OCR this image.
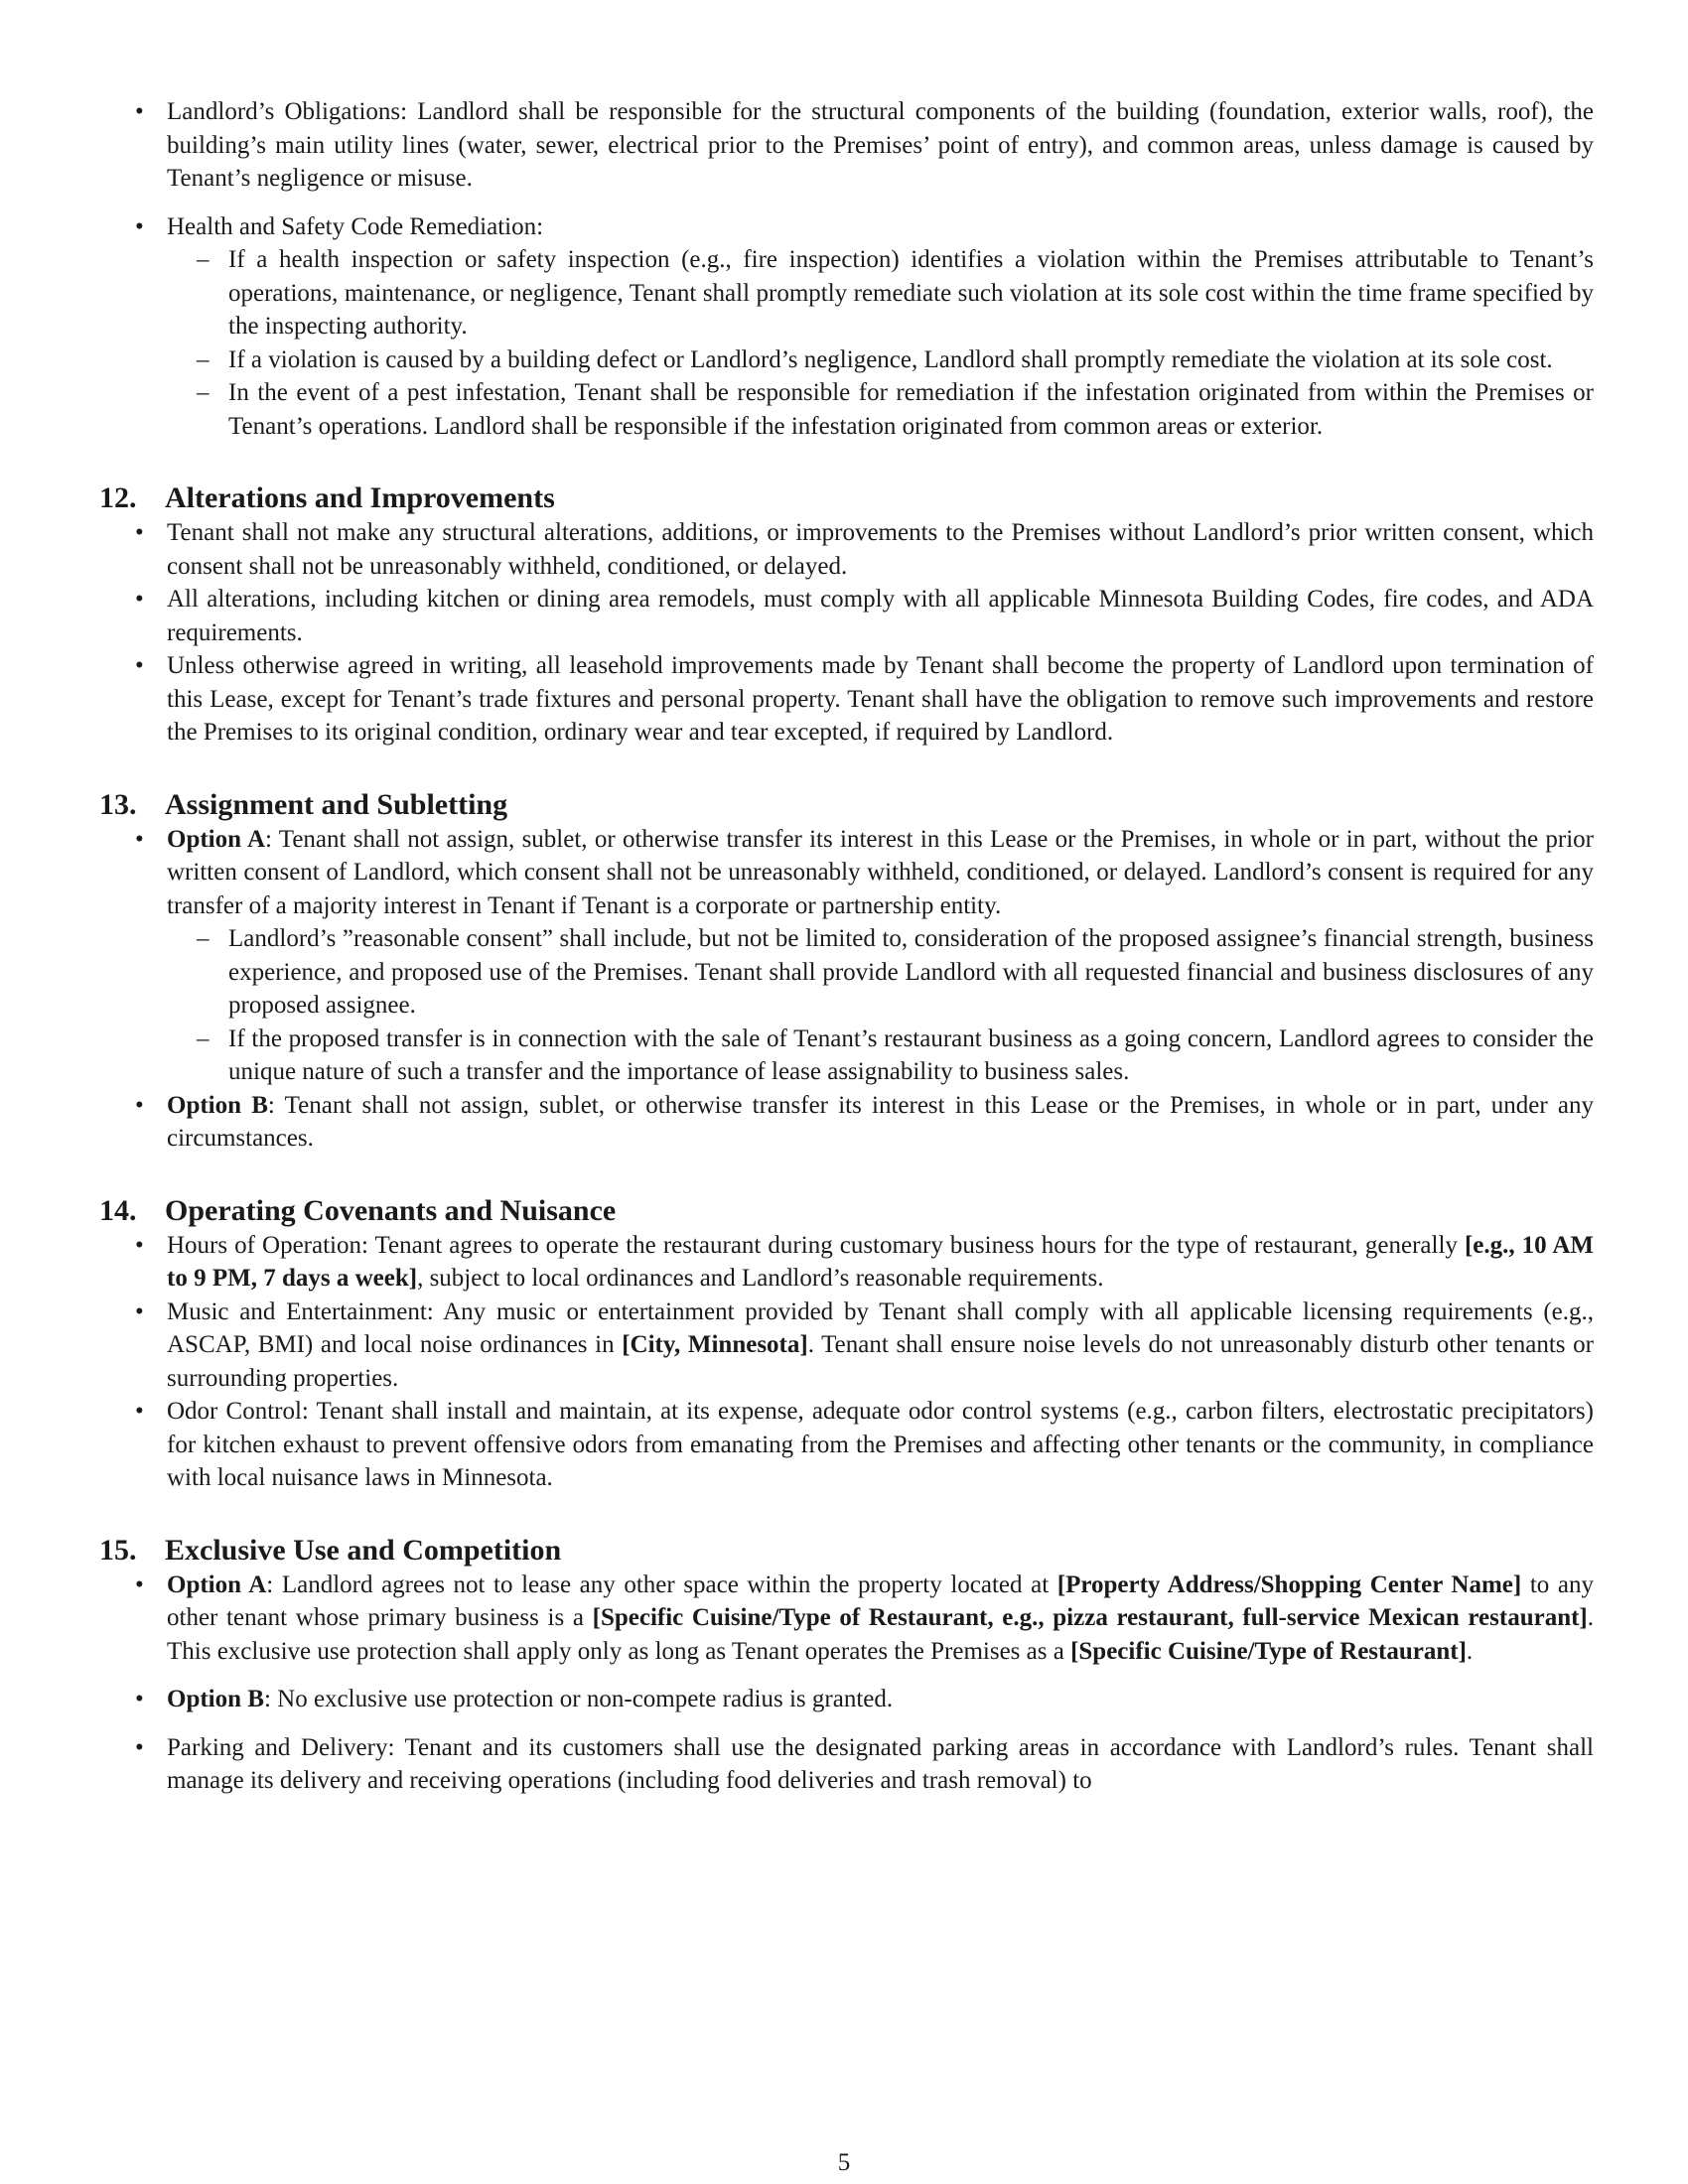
• Landlord’s Obligations: Landlord shall be responsible for the structural components of the building (foundation, exterior walls, roof), the building’s main utility lines (water, sewer, electrical prior to the Premises’ point of entry), and common areas, unless damage is caused by Tenant’s negligence or misuse.
• Health and Safety Code Remediation:
– If a health inspection or safety inspection (e.g., fire inspection) identifies a violation within the Premises attributable to Tenant’s operations, maintenance, or negligence, Tenant shall promptly remediate such violation at its sole cost within the time frame specified by the inspecting authority.
– If a violation is caused by a building defect or Landlord’s negligence, Landlord shall promptly remediate the violation at its sole cost.
– In the event of a pest infestation, Tenant shall be responsible for remediation if the infestation originated from within the Premises or Tenant’s operations. Landlord shall be responsible if the infestation originated from common areas or exterior.
12. Alterations and Improvements
• Tenant shall not make any structural alterations, additions, or improvements to the Premises without Landlord’s prior written consent, which consent shall not be unreasonably withheld, conditioned, or delayed.
• All alterations, including kitchen or dining area remodels, must comply with all applicable Minnesota Building Codes, fire codes, and ADA requirements.
• Unless otherwise agreed in writing, all leasehold improvements made by Tenant shall become the property of Landlord upon termination of this Lease, except for Tenant’s trade fixtures and personal property. Tenant shall have the obligation to remove such improvements and restore the Premises to its original condition, ordinary wear and tear excepted, if required by Landlord.
13. Assignment and Subletting
• Option A: Tenant shall not assign, sublet, or otherwise transfer its interest in this Lease or the Premises, in whole or in part, without the prior written consent of Landlord, which consent shall not be unreasonably withheld, conditioned, or delayed. Landlord’s consent is required for any transfer of a majority interest in Tenant if Tenant is a corporate or partnership entity.
– Landlord’s ”reasonable consent” shall include, but not be limited to, consideration of the proposed assignee’s financial strength, business experience, and proposed use of the Premises. Tenant shall provide Landlord with all requested financial and business disclosures of any proposed assignee.
– If the proposed transfer is in connection with the sale of Tenant’s restaurant business as a going concern, Landlord agrees to consider the unique nature of such a transfer and the importance of lease assignability to business sales.
• Option B: Tenant shall not assign, sublet, or otherwise transfer its interest in this Lease or the Premises, in whole or in part, under any circumstances.
14. Operating Covenants and Nuisance
• Hours of Operation: Tenant agrees to operate the restaurant during customary business hours for the type of restaurant, generally [e.g., 10 AM to 9 PM, 7 days a week], subject to local ordinances and Landlord’s reasonable requirements.
• Music and Entertainment: Any music or entertainment provided by Tenant shall comply with all applicable licensing requirements (e.g., ASCAP, BMI) and local noise ordinances in [City, Minnesota]. Tenant shall ensure noise levels do not unreasonably disturb other tenants or surrounding properties.
• Odor Control: Tenant shall install and maintain, at its expense, adequate odor control systems (e.g., carbon filters, electrostatic precipitators) for kitchen exhaust to prevent offensive odors from emanating from the Premises and affecting other tenants or the community, in compliance with local nuisance laws in Minnesota.
15. Exclusive Use and Competition
• Option A: Landlord agrees not to lease any other space within the property located at [Property Address/Shopping Center Name] to any other tenant whose primary business is a [Specific Cuisine/Type of Restaurant, e.g., pizza restaurant, full-service Mexican restaurant]. This exclusive use protection shall apply only as long as Tenant operates the Premises as a [Specific Cuisine/Type of Restaurant].
• Option B: No exclusive use protection or non-compete radius is granted.
• Parking and Delivery: Tenant and its customers shall use the designated parking areas in accordance with Landlord’s rules. Tenant shall manage its delivery and receiving operations (including food deliveries and trash removal) to
5
